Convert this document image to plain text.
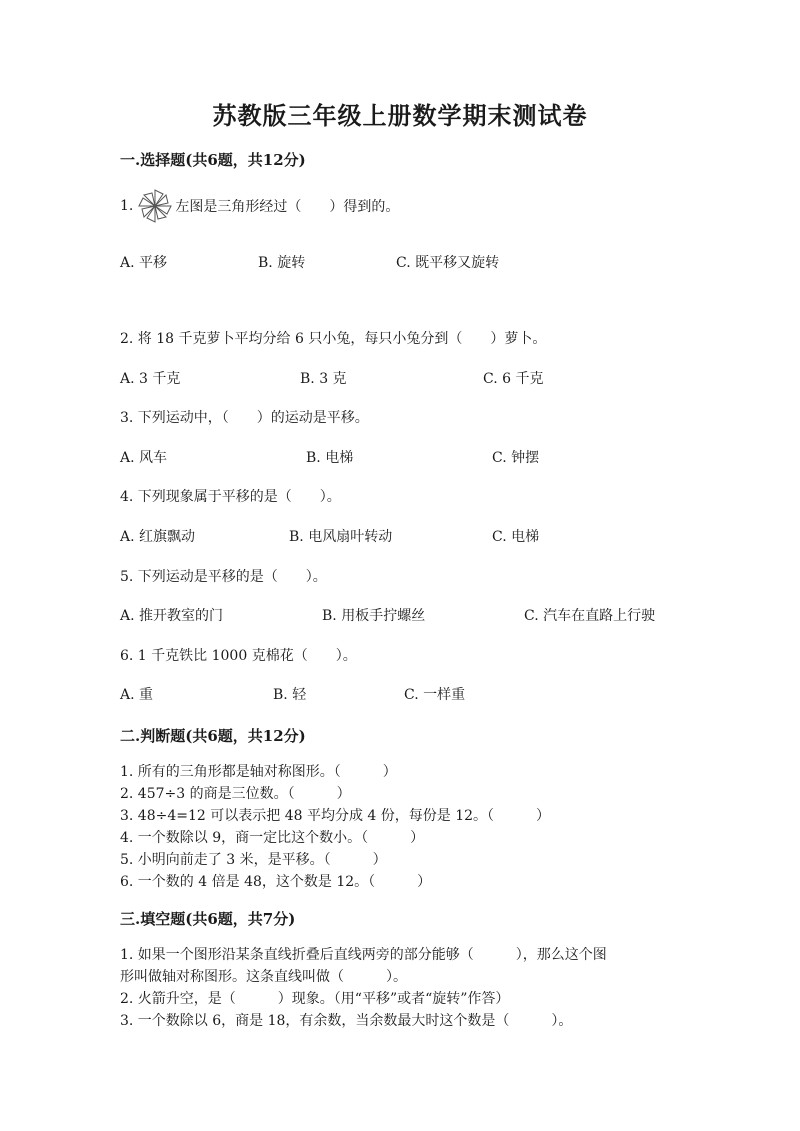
苏教版三年级上册数学期末测试卷
一.选择题(共6题，共12分)
1.	左图是三角形经过（　　）得到的。
A. 平移	B. 旋转	C. 既平移又旋转
2. 将 18 千克萝卜平均分给 6 只小兔，每只小兔分到（　　）萝卜。
A. 3 千克	B. 3 克	C. 6 千克
3. 下列运动中，（　　）的运动是平移。
A. 风车	B. 电梯	C. 钟摆
4. 下列现象属于平移的是（　　）。
A. 红旗飘动	B. 电风扇叶转动	C. 电梯
5. 下列运动是平移的是（　　）。
A. 推开教室的门	B. 用板手拧螺丝	C. 汽车在直路上行驶
6. 1 千克铁比 1000 克棉花（　　）。
A. 重	B. 轻	C. 一样重
二.判断题(共6题，共12分)
1. 所有的三角形都是轴对称图形。（　　　）
2. 457÷3 的商是三位数。（　　　）
3. 48÷4=12 可以表示把 48 平均分成 4 份，每份是 12。（　　　）
4. 一个数除以 9，商一定比这个数小。（　　　）
5. 小明向前走了 3 米，是平移。（　　　）
6. 一个数的 4 倍是 48，这个数是 12。（　　　）
三.填空题(共6题，共7分)
1. 如果一个图形沿某条直线折叠后直线两旁的部分能够（　　　），那么这个图
形叫做轴对称图形。这条直线叫做（　　　）。
2. 火箭升空，是（　　　）现象。（用“平移”或者“旋转”作答）
3. 一个数除以 6，商是 18，有余数，当余数最大时这个数是（　　　）。
